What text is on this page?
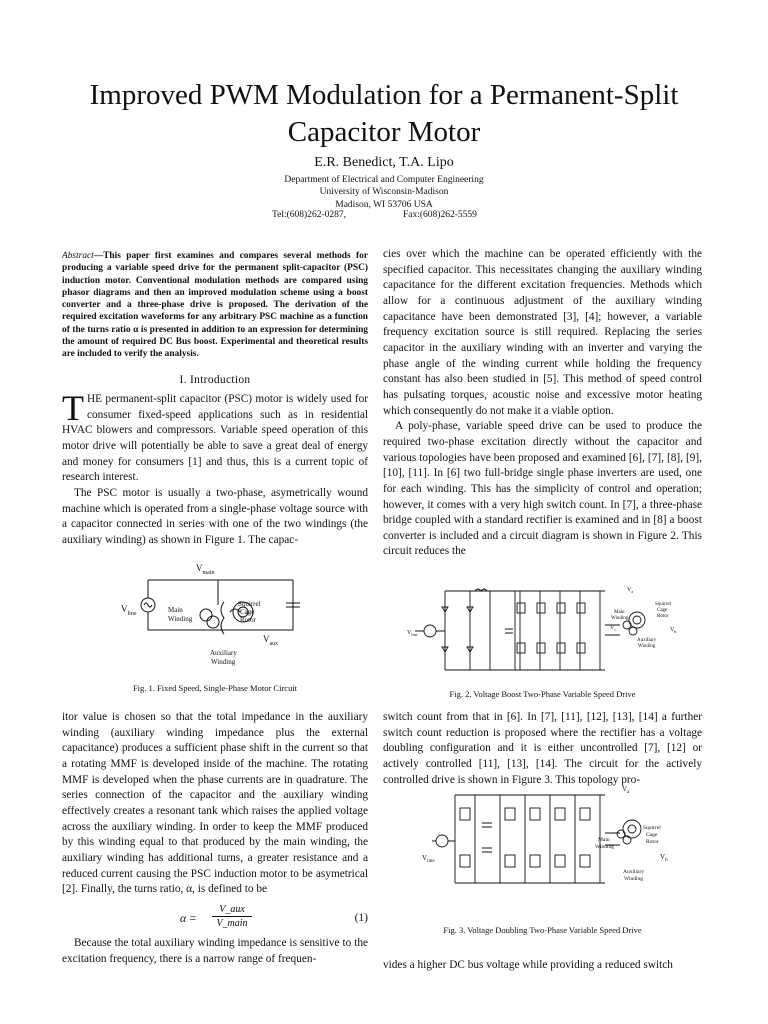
Improved PWM Modulation for a Permanent-Split
Capacitor Motor
E.R. Benedict, T.A. Lipo
Department of Electrical and Computer Engineering
University of Wisconsin-Madison
Madison, WI 53706 USA
Tel:(608)262-0287,	Fax:(608)262-5559

Abstract—This paper first examines and compares several methods for producing a variable speed drive for the permanent split-capacitor (PSC) induction motor. Conventional modulation methods are compared using phasor diagrams and then an improved modulation scheme using a boost converter and a three-phase drive is proposed. The derivation of the required excitation waveforms for any arbitrary PSC machine as a function of the turns ratio α is presented in addition to an expression for determining the amount of required DC Bus boost. Experimental and theoretical results are included to verify the analysis.

I. Introduction

THE permanent-split capacitor (PSC) motor is widely used for consumer fixed-speed applications such as in residential HVAC blowers and compressors. Variable speed operation of this motor drive will potentially be able to save a great deal of energy and money for consumers [1] and thus, this is a current topic of research interest.

The PSC motor is usually a two-phase, asymetrically wound machine which is operated from a single-phase voltage source with a capacitor connected in series with one of the two windings (the auxiliary winding) as shown in Figure 1. The capac-

$V_{main}$
$V_{line}$
$V_{aux}$
Main Winding
Squirrel Cage Rotor
Auxiliary Winding
Fig. 1. Fixed Speed, Single-Phase Motor Circuit

cies over which the machine can be operated efficiently with the specified capacitor. This necessitates changing the auxiliary winding capacitance for the different excitation frequencies. Methods which allow for a continuous adjustment of the auxiliary winding capacitance have been demonstrated [3], [4]; however, a variable frequency excitation source is still required. Replacing the series capacitor in the auxiliary winding with an inverter and varying the phase angle of the winding current while holding the frequency constant has also been studied in [5]. This method of speed control has pulsating torques, acoustic noise and excessive motor heating which consequently do not make it a viable option.

A poly-phase, variable speed drive can be used to produce the required two-phase excitation directly without the capacitor and various topologies have been proposed and examined [6], [7], [8], [9], [10], [11]. In [6] two full-bridge single phase inverters are used, one for each winding. This has the simplicity of control and operation; however, it comes with a very high switch count. In [7], a three-phase bridge coupled with a standard rectifier is examined and in [8] a boost converter is included and a circuit diagram is shown in Figure 2. This circuit reduces the

$V_a$
$V_b$
$V_c$
$V_{line}$
Main Winding
Squirrel Cage Rotor
Auxiliary Winding
Fig. 2. Voltage Boost Two-Phase Variable Speed Drive

itor value is chosen so that the total impedance in the auxiliary winding (auxiliary winding impedance plus the external capacitance) produces a sufficient phase shift in the current so that a rotating MMF is developed inside of the machine. The rotating MMF is developed when the phase currents are in quadrature. The series connection of the capacitor and the auxiliary winding effectively creates a resonant tank which raises the applied voltage across the auxiliary winding. In order to keep the MMF produced by this winding equal to that produced by the main winding, the auxiliary winding has additional turns, a greater resistance and a reduced current causing the PSC induction motor to be asymetrical [2]. Finally, the turns ratio, α, is defined to be

α =
V_aux
V_main	(1)

Because the total auxiliary winding impedance is sensitive to the excitation frequency, there is a narrow range of frequen-

switch count from that in [6]. In [7], [11], [12], [13], [14] a further switch count reduction is proposed where the rectifier has a voltage doubling configuration and it is either uncontrolled [7], [12] or actively controlled [11], [13], [14]. The circuit for the actively controlled drive is shown in Figure 3. This topology pro-

$V_a$
$V_b$
$V_{line}$
Main Winding
Squirrel Cage Rotor
Auxiliary Winding
Fig. 3. Voltage Doubling Two-Phase Variable Speed Drive

vides a higher DC bus voltage while providing a reduced switch
